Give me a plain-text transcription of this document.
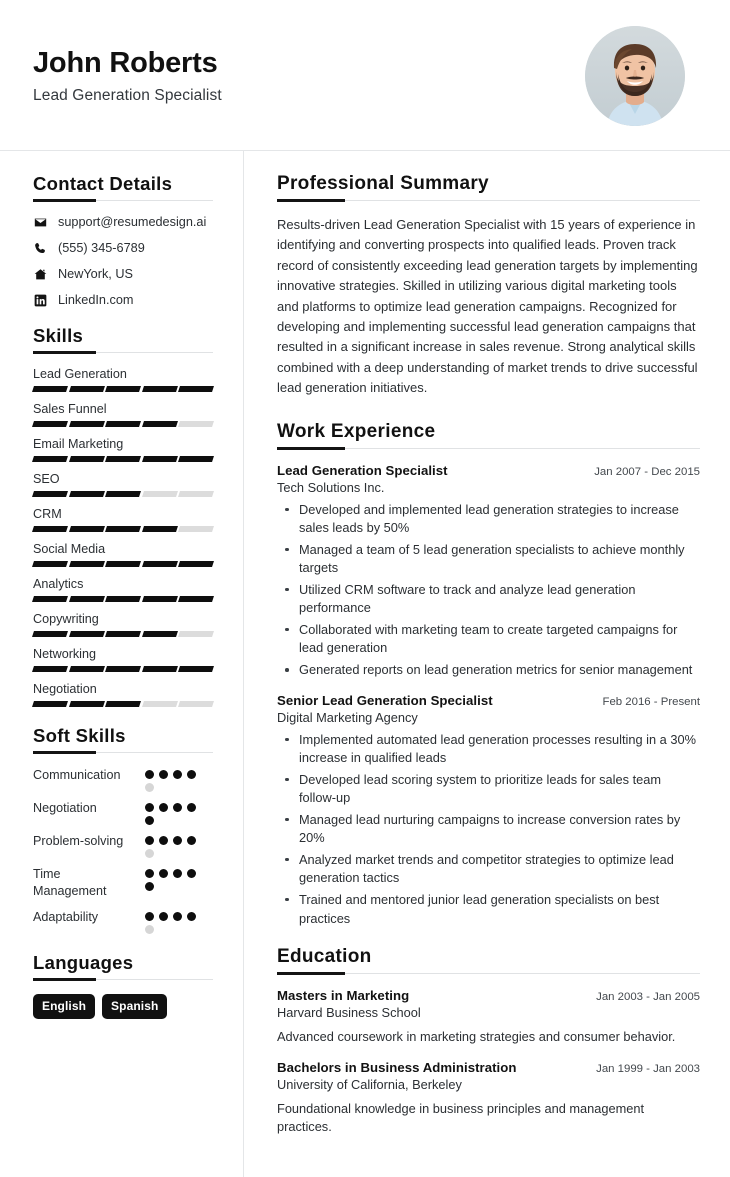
John Roberts
Lead Generation Specialist
Contact Details
support@resumedesign.ai
(555) 345-6789
NewYork, US
LinkedIn.com
Skills
Lead Generation
Sales Funnel
Email Marketing
SEO
CRM
Social Media
Analytics
Copywriting
Networking
Negotiation
Soft Skills
Communication
Negotiation
Problem-solving
Time Management
Adaptability
Languages
English	Spanish
Professional Summary
Results-driven Lead Generation Specialist with 15 years of experience in identifying and converting prospects into qualified leads. Proven track record of consistently exceeding lead generation targets by implementing innovative strategies. Skilled in utilizing various digital marketing tools and platforms to optimize lead generation campaigns. Recognized for developing and implementing successful lead generation campaigns that resulted in a significant increase in sales revenue. Strong analytical skills combined with a deep understanding of market trends to drive successful lead generation initiatives.
Work Experience
Lead Generation Specialist	Jan 2007 - Dec 2015
Tech Solutions Inc.
Developed and implemented lead generation strategies to increase sales leads by 50%
Managed a team of 5 lead generation specialists to achieve monthly targets
Utilized CRM software to track and analyze lead generation performance
Collaborated with marketing team to create targeted campaigns for lead generation
Generated reports on lead generation metrics for senior management
Senior Lead Generation Specialist	Feb 2016 - Present
Digital Marketing Agency
Implemented automated lead generation processes resulting in a 30% increase in qualified leads
Developed lead scoring system to prioritize leads for sales team follow-up
Managed lead nurturing campaigns to increase conversion rates by 20%
Analyzed market trends and competitor strategies to optimize lead generation tactics
Trained and mentored junior lead generation specialists on best practices
Education
Masters in Marketing	Jan 2003 - Jan 2005
Harvard Business School
Advanced coursework in marketing strategies and consumer behavior.
Bachelors in Business Administration	Jan 1999 - Jan 2003
University of California, Berkeley
Foundational knowledge in business principles and management practices.
